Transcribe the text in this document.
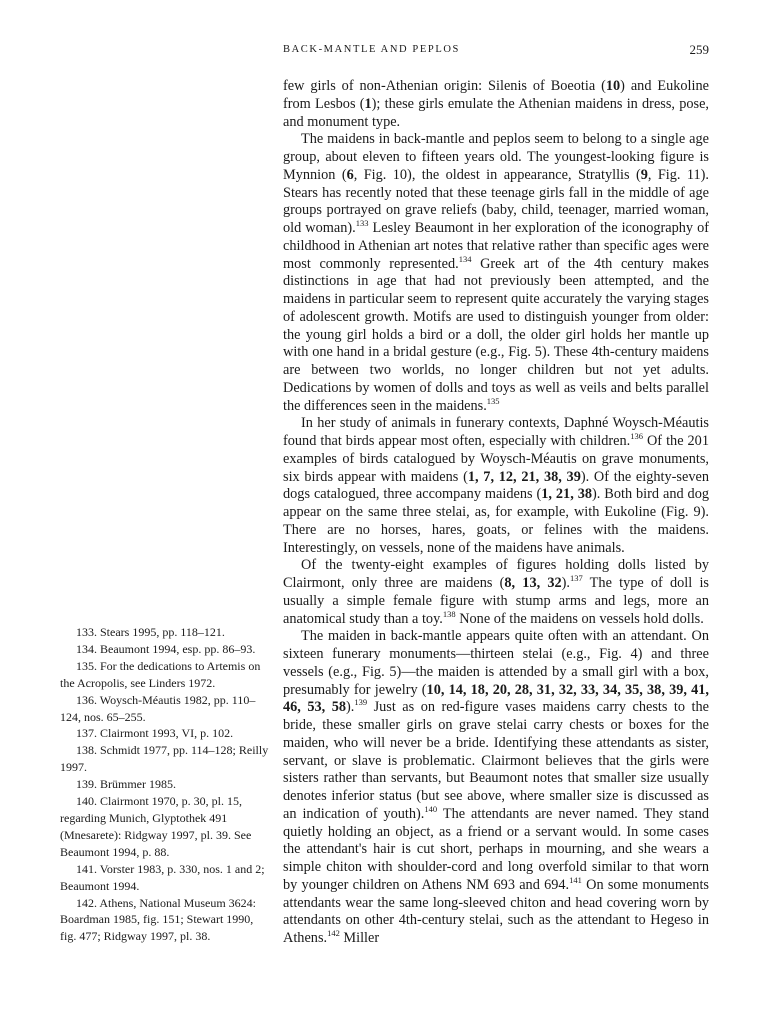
BACK-MANTLE AND PEPLOS	259

few girls of non-Athenian origin: Silenis of Boeotia (10) and Eukoline from Lesbos (1); these girls emulate the Athenian maidens in dress, pose, and monument type.

The maidens in back-mantle and peplos seem to belong to a single age group, about eleven to fifteen years old. The youngest-looking figure is Mynnion (6, Fig. 10), the oldest in appearance, Stratyllis (9, Fig. 11). Stears has recently noted that these teenage girls fall in the middle of age groups portrayed on grave reliefs (baby, child, teenager, married woman, old woman).$^{133}$ Lesley Beaumont in her exploration of the iconography of childhood in Athenian art notes that relative rather than specific ages were most commonly represented.$^{134}$ Greek art of the 4th century makes distinctions in age that had not previously been attempted, and the maidens in particular seem to represent quite accurately the varying stages of adolescent growth. Motifs are used to distinguish younger from older: the young girl holds a bird or a doll, the older girl holds her mantle up with one hand in a bridal gesture (e.g., Fig. 5). These 4th-century maidens are between two worlds, no longer children but not yet adults. Dedications by women of dolls and toys as well as veils and belts parallel the differences seen in the maidens.$^{135}$

In her study of animals in funerary contexts, Daphné Woysch-Méautis found that birds appear most often, especially with children.$^{136}$ Of the 201 examples of birds catalogued by Woysch-Méautis on grave monuments, six birds appear with maidens (1, 7, 12, 21, 38, 39). Of the eighty-seven dogs catalogued, three accompany maidens (1, 21, 38). Both bird and dog appear on the same three stelai, as, for example, with Eukoline (Fig. 9). There are no horses, hares, goats, or felines with the maidens. Interestingly, on vessels, none of the maidens have animals.

Of the twenty-eight examples of figures holding dolls listed by Clairmont, only three are maidens (8, 13, 32).$^{137}$ The type of doll is usually a simple female figure with stump arms and legs, more an anatomical study than a toy.$^{138}$ None of the maidens on vessels hold dolls.

The maiden in back-mantle appears quite often with an attendant. On sixteen funerary monuments—thirteen stelai (e.g., Fig. 4) and three vessels (e.g., Fig. 5)—the maiden is attended by a small girl with a box, presumably for jewelry (10, 14, 18, 20, 28, 31, 32, 33, 34, 35, 38, 39, 41, 46, 53, 58).$^{139}$ Just as on red-figure vases maidens carry chests to the bride, these smaller girls on grave stelai carry chests or boxes for the maiden, who will never be a bride. Identifying these attendants as sister, servant, or slave is problematic. Clairmont believes that the girls were sisters rather than servants, but Beaumont notes that smaller size usually denotes inferior status (but see above, where smaller size is discussed as an indication of youth).$^{140}$ The attendants are never named. They stand quietly holding an object, as a friend or a servant would. In some cases the attendant's hair is cut short, perhaps in mourning, and she wears a simple chiton with shoulder-cord and long overfold similar to that worn by younger children on Athens NM 693 and 694.$^{141}$ On some monuments attendants wear the same long-sleeved chiton and head covering worn by attendants on other 4th-century stelai, such as the attendant to Hegeso in Athens.$^{142}$ Miller

133. Stears 1995, pp. 118–121.

134. Beaumont 1994, esp. pp. 86–93.

135. For the dedications to Artemis on the Acropolis, see Linders 1972.

136. Woysch-Méautis 1982, pp. 110–124, nos. 65–255.

137. Clairmont 1993, VI, p. 102.

138. Schmidt 1977, pp. 114–128; Reilly 1997.

139. Brümmer 1985.

140. Clairmont 1970, p. 30, pl. 15, regarding Munich, Glyptothek 491 (Mnesarete): Ridgway 1997, pl. 39. See Beaumont 1994, p. 88.

141. Vorster 1983, p. 330, nos. 1 and 2; Beaumont 1994.

142. Athens, National Museum 3624: Boardman 1985, fig. 151; Stewart 1990, fig. 477; Ridgway 1997, pl. 38.
